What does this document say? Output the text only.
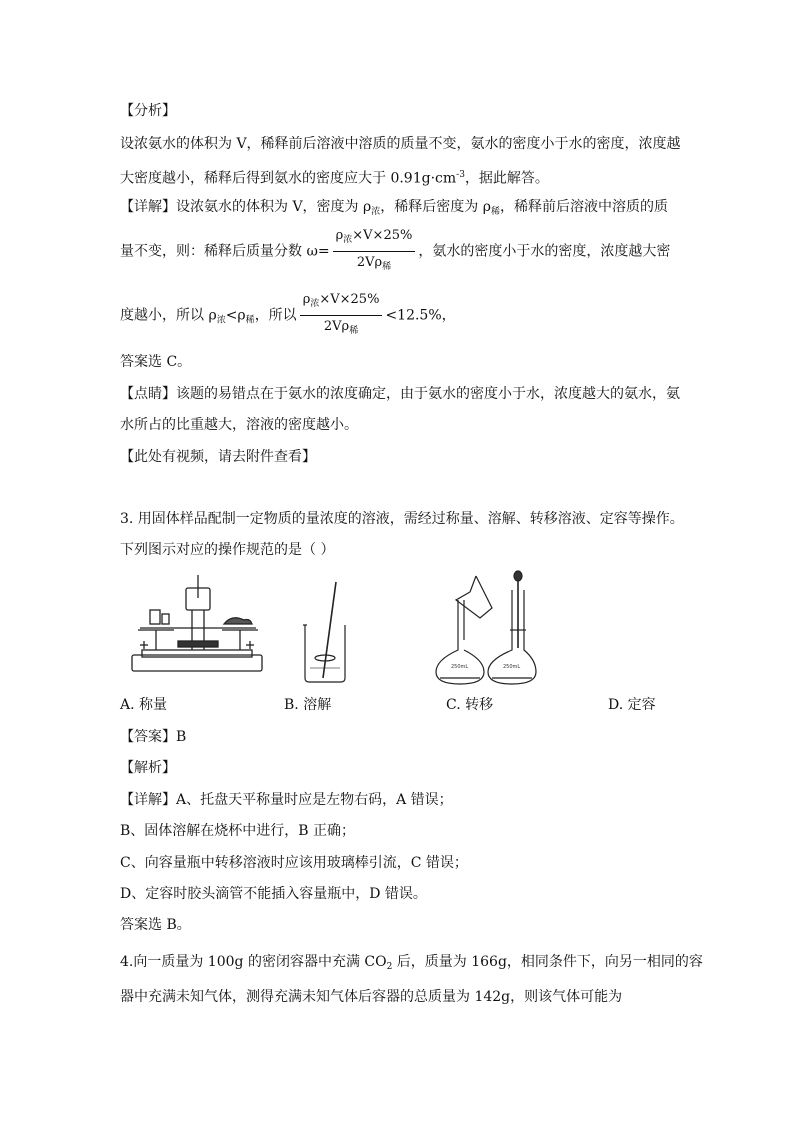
【分析】
设浓氨水的体积为 V，稀释前后溶液中溶质的质量不变，氨水的密度小于水的密度，浓度越
大密度越小，稀释后得到氨水的密度应大于 $0.91g\cdot cm^{-3}$，据此解答。
【详解】设浓氨水的体积为 V，密度为 $\rho_浓$，稀释后密度为 $\rho_稀$，稀释前后溶液中溶质的质
量不变，则：稀释后质量分数 $\omega= \frac{\rho_浓\times V\times 25\%}{2V\rho_稀}$ ，氨水的密度小于水的密度，浓度越大密
度越小，所以 $\rho_浓<\rho_稀$，所以 $\frac{\rho_浓\times V\times 25\%}{2V\rho_稀} <12.5\%$，
答案选 C。
【点睛】该题的易错点在于氨水的浓度确定，由于氨水的密度小于水，浓度越大的氨水，氨
水所占的比重越大，溶液的密度越小。
【此处有视频，请去附件查看】
3. 用固体样品配制一定物质的量浓度的溶液，需经过称量、溶解、转移溶液、定容等操作。
下列图示对应的操作规范的是（ ）
250mL	250mL
A. 称量	B. 溶解	C. 转移	D. 定容
【答案】B
【解析】
【详解】A、托盘天平称量时应是左物右码，A 错误；
B、固体溶解在烧杯中进行，B 正确；
C、向容量瓶中转移溶液时应该用玻璃棒引流，C 错误；
D、定容时胶头滴管不能插入容量瓶中，D 错误。
答案选 B。
4.向一质量为 100g 的密闭容器中充满 $CO_2$ 后，质量为 166g，相同条件下，向另一相同的容
器中充满未知气体，测得充满未知气体后容器的总质量为 142g，则该气体可能为
